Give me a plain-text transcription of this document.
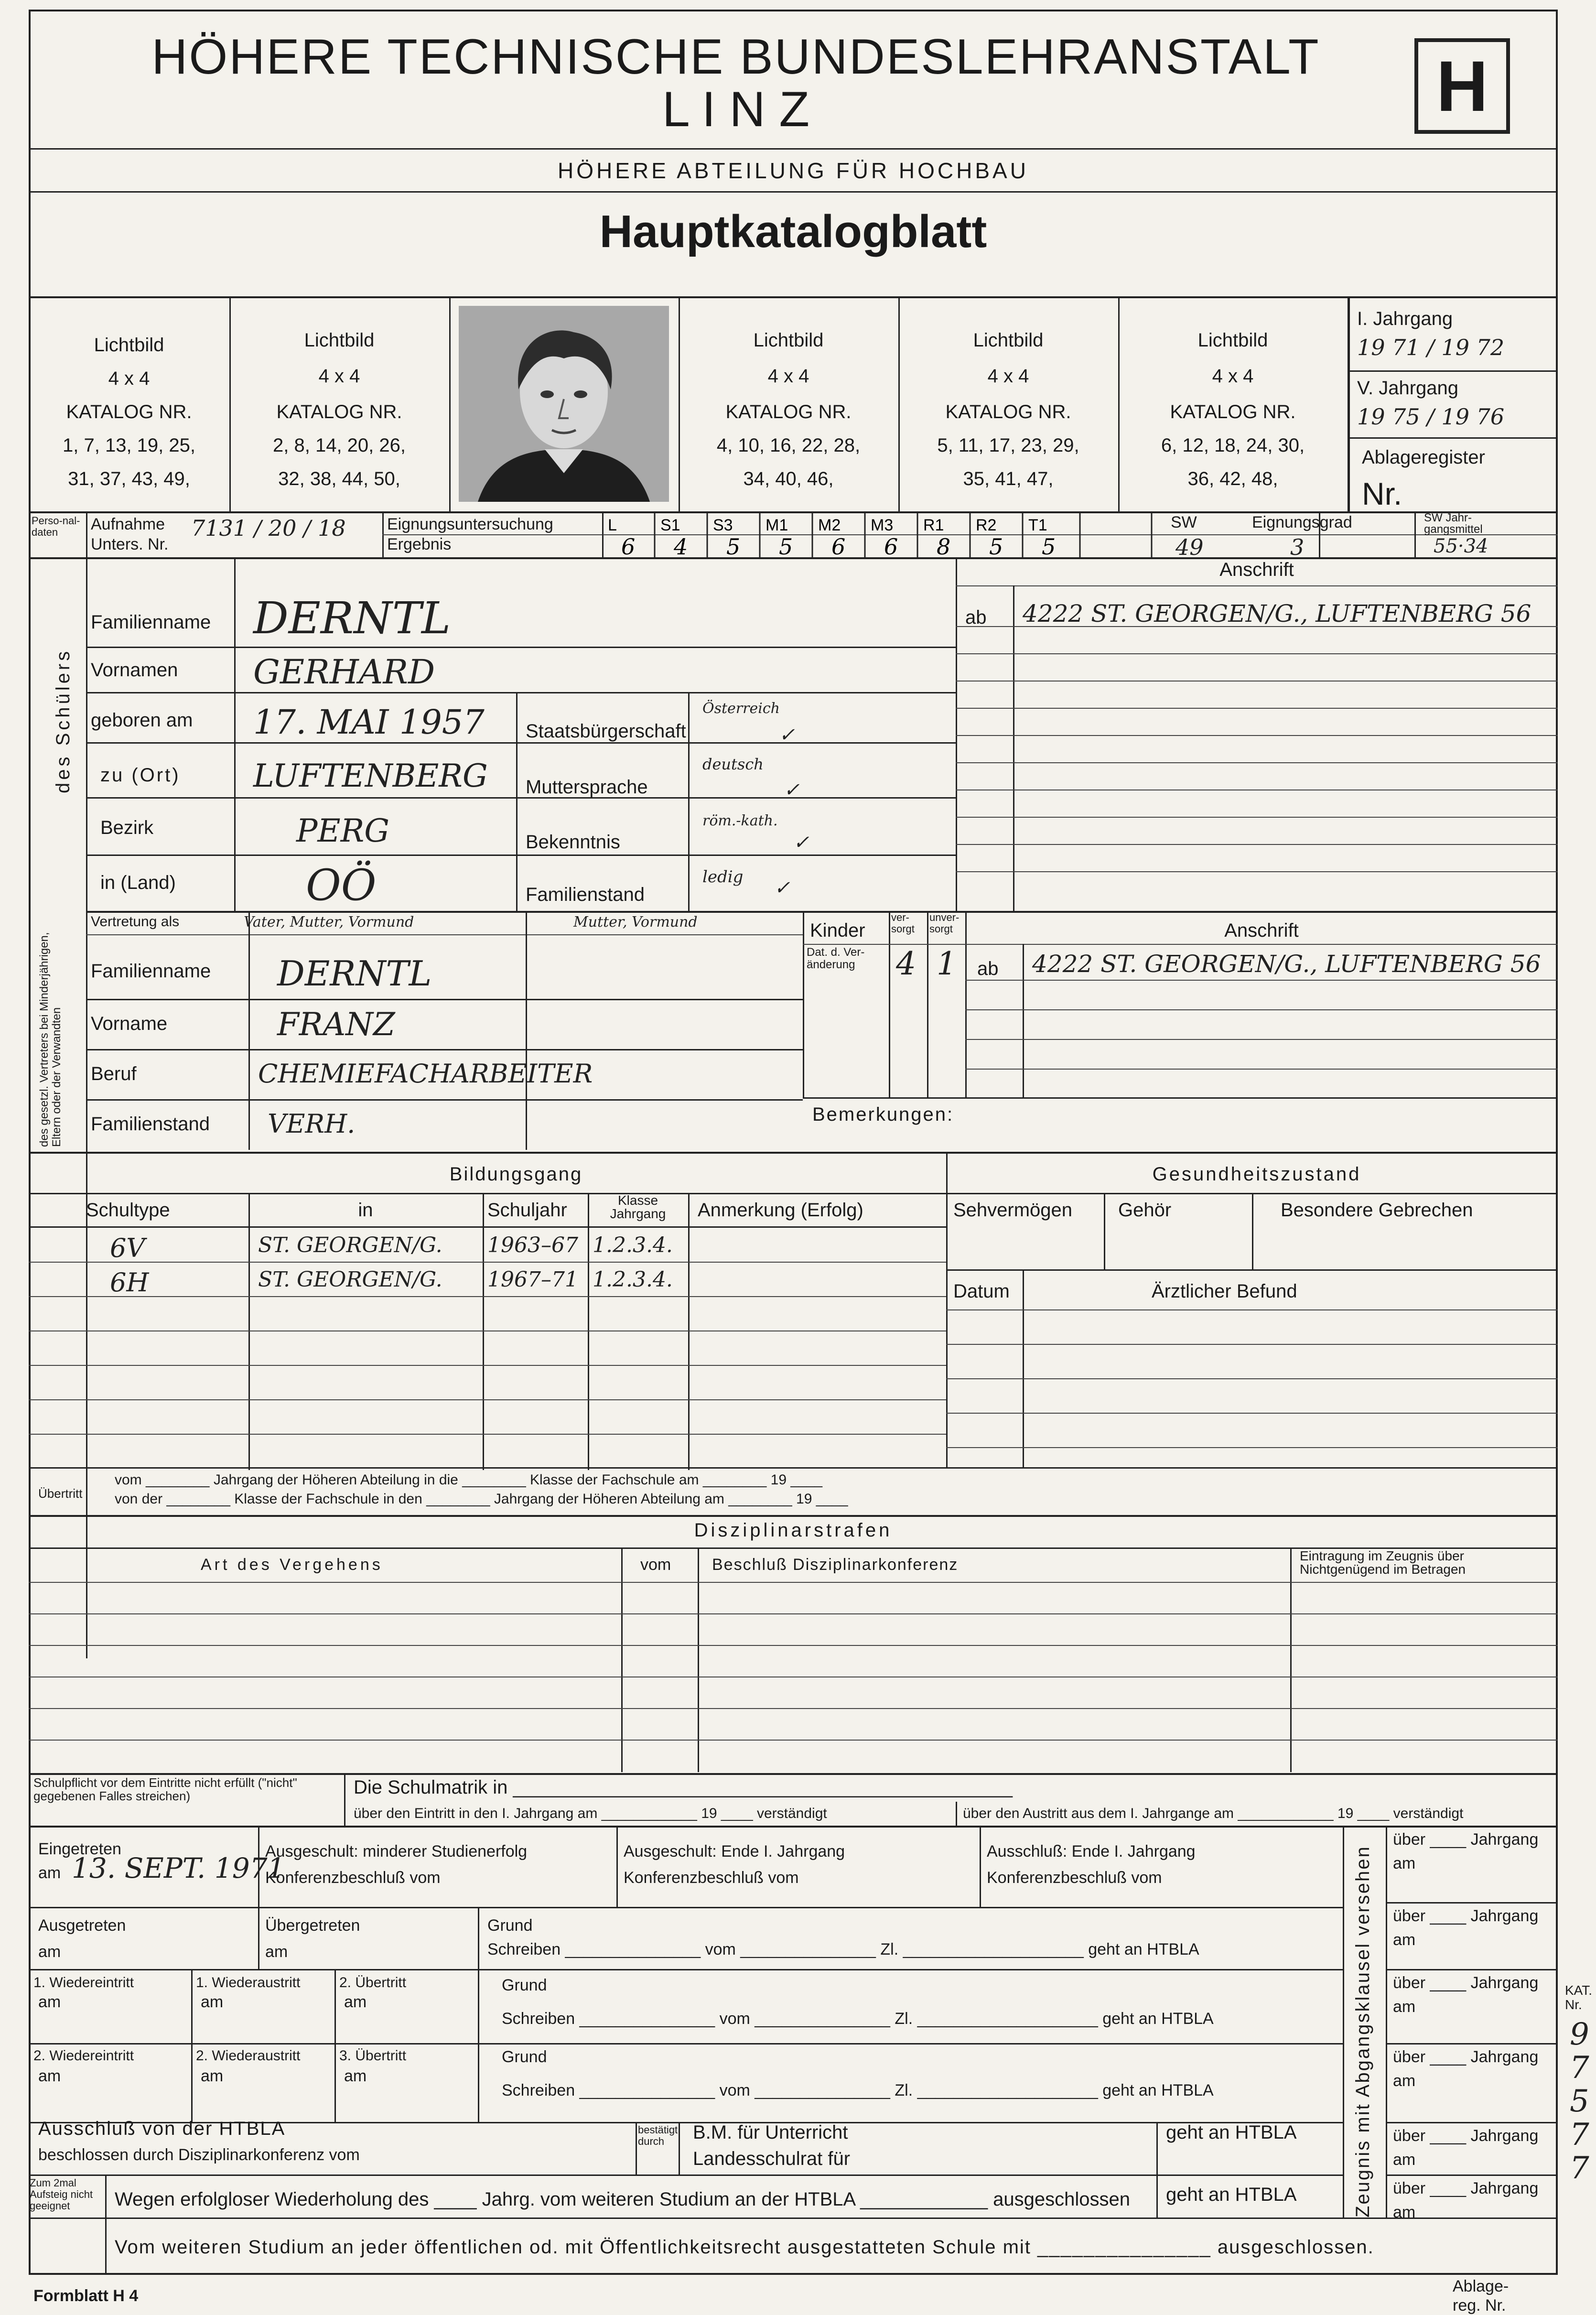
HÖHERE TECHNISCHE BUNDESLEHRANSTALT
L I N Z	H
HÖHERE ABTEILUNG FÜR HOCHBAU
Hauptkatalogblatt
Lichtbild
4 x 4
KATALOG NR.
1, 7, 13, 19, 25,
31, 37, 43, 49,
Lichtbild
4 x 4
KATALOG NR.
2, 8, 14, 20, 26,
32, 38, 44, 50,
Lichtbild
4 x 4
KATALOG NR.
4, 10, 16, 22, 28,
34, 40, 46,
Lichtbild
4 x 4
KATALOG NR.
5, 11, 17, 23, 29,
35, 41, 47,
Lichtbild
4 x 4
KATALOG NR.
6, 12, 18, 24, 30,
36, 42, 48,
I. Jahrgang
19 71 / 19 72
V. Jahrgang
19 75 / 19 76
Ablageregister
Nr.
Perso-nal-daten	Aufnahme
Unters. Nr.
7131 / 20 / 18	Eignungsuntersuchung
Ergebnis
L
6
S1
4
S3
5
M1
5
M2
6
M3
6
R1
8
R2
5
T1
5
SW
49
Eignungsgrad
3
SW Jahr-gangsmittel
55·34
des Schülers
Familienname DERNTL
Vornamen GERHARD
geboren am 17. MAI 1957
zu (Ort) LUFTENBERG
Bezirk	PERG
in (Land)	OÖ
Staatsbürgerschaft
Österreich
Muttersprache
deutsch
Bekenntnis
röm.-kath.
Familienstand
ledig
✓
✓
✓
✓
Anschrift
ab 4222 ST. GEORGEN/G., LUFTENBERG 56
des gesetzl. Vertreters bei Minderjährigen, Eltern oder der Verwandten
Vertretung als	Vater, Mutter, Vormund	Mutter, Vormund
Familienname DERNTL
Vorname	FRANZ
Beruf	CHEMIEFACHARBEITER
Familienstand VERH.
Kinder
ver-sorgt
unver-sorgt
Dat. d. Ver-änderung	4 1
Anschrift
ab 4222 ST. GEORGEN/G., LUFTENBERG 56
Bemerkungen:
Bildungsgang	Gesundheitszustand
Schultype	in	Schuljahr	Klasse Jahrgang	Anmerkung (Erfolg)
6V	ST. GEORGEN/G. 1963–67 1.2.3.4.
6H	ST. GEORGEN/G. 1967–71 1.2.3.4.
Sehvermögen Gehör	Besondere Gebrechen
Datum	Ärztlicher Befund
Übertritt
vom ________ Jahrgang der Höheren Abteilung in die ________ Klasse der Fachschule am ________ 19 ____
von der ________ Klasse der Fachschule in den ________ Jahrgang der Höheren Abteilung am ________ 19 ____
Disziplinarstrafen
Art des Vergehens	vom	Beschluß Disziplinarkonferenz	Eintragung im Zeugnis über Nichtgenügend im Betragen
Schulpflicht vor dem Eintritte nicht erfüllt ("nicht" gegebenen Falles streichen)	Die Schulmatrik in _______________________________________________
über den Eintritt in den I. Jahrgang am ____________ 19 ____ verständigt	über den Austritt aus dem I. Jahrgange am ____________ 19 ____ verständigt
Zeugnis mit Abgangsklausel versehen
über ____ Jahrgang
am
über ____ Jahrgang
am
über ____ Jahrgang
am
über ____ Jahrgang
am
über ____ Jahrgang
am
über ____ Jahrgang
am
Eingetreten
am 13. SEPT. 1971
Ausgeschult: minderer Studienerfolg
Konferenzbeschluß vom
Ausgeschult: Ende I. Jahrgang
Konferenzbeschluß vom
Ausschluß: Ende I. Jahrgang
Konferenzbeschluß vom
Ausgetreten
am
Übergetreten
am
Grund
Schreiben _______________ vom _______________ Zl. ____________________ geht an HTBLA
1. Wiedereintritt
am
1. Wiederaustritt
am
2. Übertritt
am
Grund
Schreiben _______________ vom _______________ Zl. ____________________ geht an HTBLA
2. Wiedereintritt
am
2. Wiederaustritt
am
3. Übertritt
am
Grund
Schreiben _______________ vom _______________ Zl. ____________________ geht an HTBLA
Ausschluß von der HTBLA
beschlossen durch Disziplinarkonferenz vom
bestätigt durch B.M. für Unterricht
Landesschulrat für
geht an HTBLA
Zum 2mal Aufsteig nicht geeignet	Wegen erfolgloser Wiederholung des ____ Jahrg. vom weiteren Studium an der HTBLA ____________ ausgeschlossen geht an HTBLA
Vom weiteren Studium an jeder öffentlichen od. mit Öffentlichkeitsrecht ausgestatteten Schule mit _______________ ausgeschlossen.
KAT. Nr.
9
7
5
7
7
Formblatt H 4
Ablage-
reg. Nr.
